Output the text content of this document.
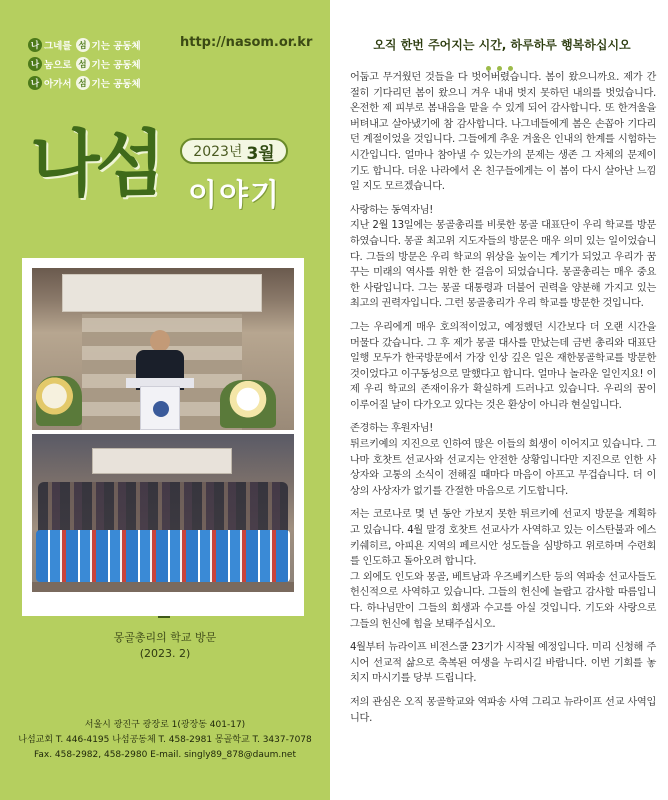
나 그네를 섬 기는 공동체
나 눔으로 섬 기는 공동체
나 아가서 섬 기는 공동체
http://nasom.or.kr
나섬 2023년 3월
이야기
몽골총리의 학교 방문
(2023. 2)
서울시 광진구 광장로 1(광장동 401-17)
나섬교회 T. 446-4195 나섬공동체 T. 458-2981 몽골학교 T. 3437-7078
Fax. 458-2982, 458-2980 E-mail. singly89_878@daum.net
오직 한번 주어지는 시간, 하루하루 행복하십시오

어둡고 무거웠던 것들을 다 벗어버렸습니다. 봄이 왔으니까요. 제가 간절히 기다리던 봄이 왔으니 겨우 내내 벗지 못하던 내의를 벗었습니다. 온전한 제 피부로 봄내음을 맡을 수 있게 되어 감사합니다. 또 한겨울을 버텨내고 살아냈기에 참 감사합니다. 나그네들에게 봄은 손꼽아 기다리던 계절이었을 것입니다. 그들에게 추운 겨울은 인내의 한계를 시험하는 시간입니다. 얼마나 참아낼 수 있는가의 문제는 생존 그 자체의 문제이기도 합니다. 더운 나라에서 온 친구들에게는 이 봄이 다시 살아난 느낌일 지도 모르겠습니다.

사랑하는 동역자님!
지난 2월 13일에는 몽골총리를 비롯한 몽골 대표단이 우리 학교를 방문하였습니다. 몽골 최고위 지도자들의 방문은 매우 의미 있는 일이었습니다. 그들의 방문은 우리 학교의 위상을 높이는 계기가 되었고 우리가 꿈꾸는 미래의 역사를 위한 한 걸음이 되었습니다. 몽골총리는 매우 중요한 사람입니다. 그는 몽골 대통령과 더불어 권력을 양분해 가지고 있는 최고의 권력자입니다. 그런 몽골총리가 우리 학교를 방문한 것입니다.

그는 우리에게 매우 호의적이었고, 예정했던 시간보다 더 오랜 시간을 머물다 갔습니다. 그 후 제가 몽골 대사를 만났는데 금번 총리와 대표단 일행 모두가 한국방문에서 가장 인상 깊은 일은 재한몽골학교를 방문한 것이었다고 이구동성으로 말했다고 합니다. 얼마나 놀라운 일인지요! 이제 우리 학교의 존재이유가 확실하게 드러나고 있습니다. 우리의 꿈이 이루어질 날이 다가오고 있다는 것은 환상이 아니라 현실입니다.

존경하는 후원자님!
튀르키예의 지진으로 인하여 많은 이들의 희생이 이어지고 있습니다. 그나마 호찻트 선교사와 선교지는 안전한 상황입니다만 지진으로 인한 사상자와 고통의 소식이 전해질 때마다 마음이 아프고 무겁습니다. 더 이상의 사상자가 없기를 간절한 마음으로 기도합니다.

저는 코로나로 몇 년 동안 가보지 못한 튀르키예 선교지 방문을 계획하고 있습니다. 4월 말경 호찻트 선교사가 사역하고 있는 이스탄불과 에스키쉐히르, 아피욘 지역의 페르시안 성도들을 심방하고 위로하며 수련회를 인도하고 돌아오려 합니다.
그 외에도 인도와 몽골, 베트남과 우즈베키스탄 등의 역파송 선교사들도 헌신적으로 사역하고 있습니다. 그들의 헌신에 놀랍고 감사할 따름입니다. 하나님만이 그들의 희생과 수고를 아실 것입니다. 기도와 사랑으로 그들의 헌신에 힘을 보태주십시오.

4월부터 뉴라이프 비전스쿨 23기가 시작될 예정입니다. 미리 신청해 주시어 선교적 삶으로 축복된 여생을 누리시길 바랍니다. 이번 기회를 놓치지 마시기를 당부 드립니다.

저의 관심은 오직 몽골학교와 역파송 사역 그리고 뉴라이프 선교 사역입니다.
